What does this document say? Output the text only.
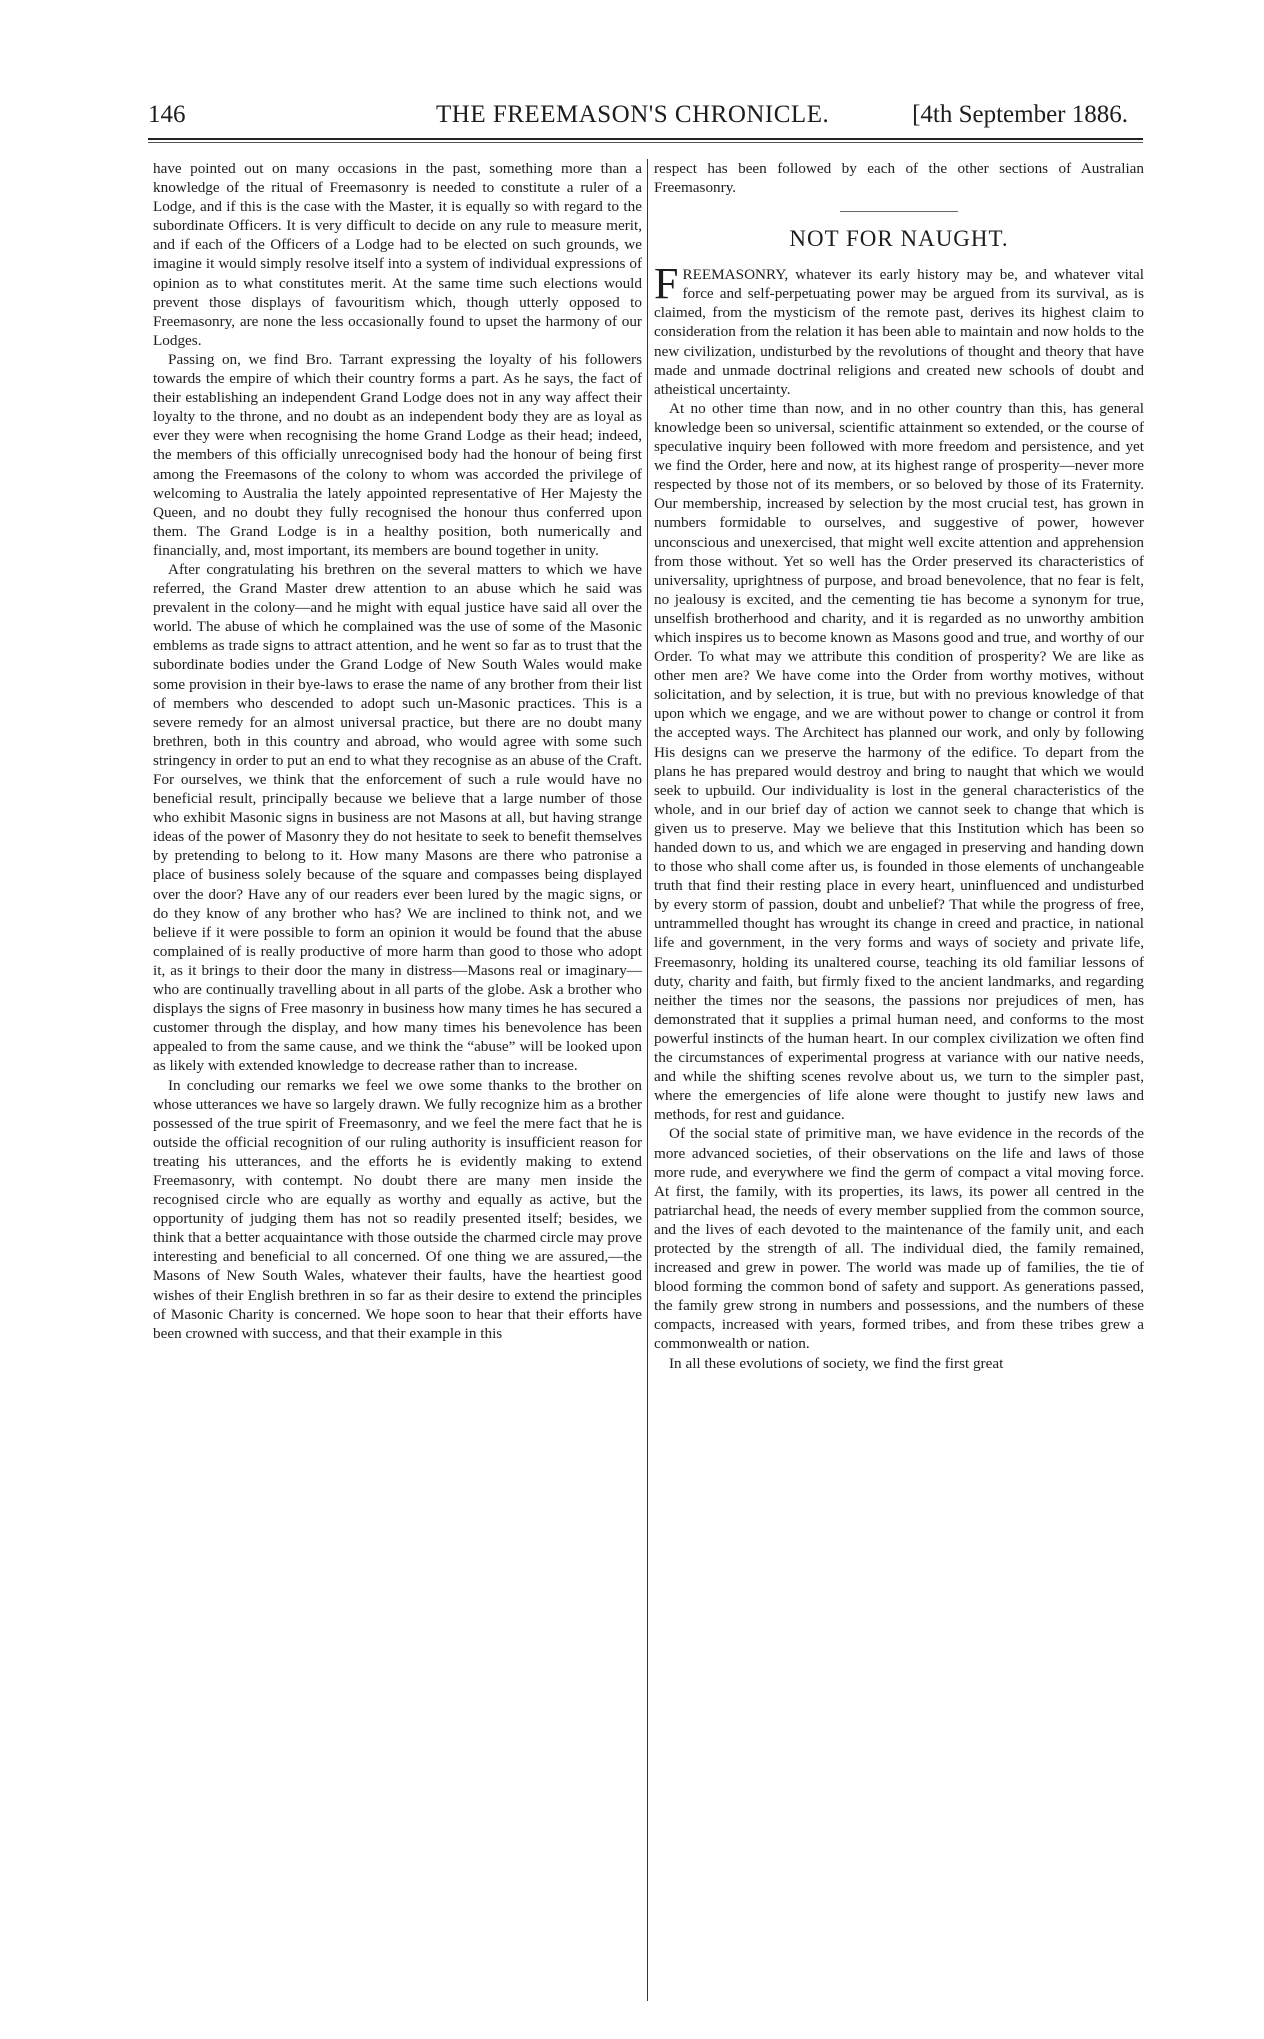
146	THE FREEMASON'S CHRONICLE.	[4th September 1886.

have pointed out on many occasions in the past, something more than a knowledge of the ritual of Freemasonry is needed to constitute a ruler of a Lodge, and if this is the case with the Master, it is equally so with regard to the subordinate Officers. It is very difficult to decide on any rule to measure merit, and if each of the Officers of a Lodge had to be elected on such grounds, we imagine it would simply resolve itself into a system of individual expressions of opinion as to what constitutes merit. At the same time such elections would prevent those displays of favouritism which, though utterly opposed to Freemasonry, are none the less occasionally found to upset the harmony of our Lodges.

Passing on, we find Bro. Tarrant expressing the loyalty of his followers towards the empire of which their country forms a part. As he says, the fact of their establishing an independent Grand Lodge does not in any way affect their loyalty to the throne, and no doubt as an independent body they are as loyal as ever they were when recognising the home Grand Lodge as their head; indeed, the members of this officially unrecognised body had the honour of being first among the Freemasons of the colony to whom was accorded the privilege of welcoming to Australia the lately appointed representative of Her Majesty the Queen, and no doubt they fully recognised the honour thus conferred upon them. The Grand Lodge is in a healthy position, both numerically and financially, and, most important, its members are bound together in unity.

After congratulating his brethren on the several matters to which we have referred, the Grand Master drew attention to an abuse which he said was prevalent in the colony—and he might with equal justice have said all over the world. The abuse of which he complained was the use of some of the Masonic emblems as trade signs to attract attention, and he went so far as to trust that the subordinate bodies under the Grand Lodge of New South Wales would make some provision in their bye-laws to erase the name of any brother from their list of members who descended to adopt such un-Masonic practices. This is a severe remedy for an almost universal practice, but there are no doubt many brethren, both in this country and abroad, who would agree with some such stringency in order to put an end to what they recognise as an abuse of the Craft. For ourselves, we think that the enforcement of such a rule would have no beneficial result, principally because we believe that a large number of those who exhibit Masonic signs in business are not Masons at all, but having strange ideas of the power of Masonry they do not hesitate to seek to benefit themselves by pretending to belong to it. How many Masons are there who patronise a place of business solely because of the square and compasses being displayed over the door? Have any of our readers ever been lured by the magic signs, or do they know of any brother who has? We are inclined to think not, and we believe if it were possible to form an opinion it would be found that the abuse complained of is really productive of more harm than good to those who adopt it, as it brings to their door the many in distress—Masons real or imaginary—who are continually travelling about in all parts of the globe. Ask a brother who displays the signs of Free masonry in business how many times he has secured a customer through the display, and how many times his benevolence has been appealed to from the same cause, and we think the “abuse” will be looked upon as likely with extended knowledge to decrease rather than to increase.

In concluding our remarks we feel we owe some thanks to the brother on whose utterances we have so largely drawn. We fully recognize him as a brother possessed of the true spirit of Freemasonry, and we feel the mere fact that he is outside the official recognition of our ruling authority is insufficient reason for treating his utterances, and the efforts he is evidently making to extend Freemasonry, with contempt. No doubt there are many men inside the recognised circle who are equally as worthy and equally as active, but the opportunity of judging them has not so readily presented itself; besides, we think that a better acquaintance with those outside the charmed circle may prove interesting and beneficial to all concerned. Of one thing we are assured,—the Masons of New South Wales, whatever their faults, have the heartiest good wishes of their English brethren in so far as their desire to extend the principles of Masonic Charity is concerned. We hope soon to hear that their efforts have been crowned with success, and that their example in this

respect has been followed by each of the other sections of Australian Freemasonry.

NOT FOR NAUGHT.

FREEMASONRY, whatever its early history may be, and whatever vital force and self-perpetuating power may be argued from its survival, as is claimed, from the mysticism of the remote past, derives its highest claim to consideration from the relation it has been able to maintain and now holds to the new civilization, undisturbed by the revolutions of thought and theory that have made and unmade doctrinal religions and created new schools of doubt and atheistical uncertainty.

At no other time than now, and in no other country than this, has general knowledge been so universal, scientific attainment so extended, or the course of speculative inquiry been followed with more freedom and persistence, and yet we find the Order, here and now, at its highest range of prosperity—never more respected by those not of its members, or so beloved by those of its Fraternity. Our membership, increased by selection by the most crucial test, has grown in numbers formidable to ourselves, and suggestive of power, however unconscious and unexercised, that might well excite attention and apprehension from those without. Yet so well has the Order preserved its characteristics of universality, uprightness of purpose, and broad benevolence, that no fear is felt, no jealousy is excited, and the cementing tie has become a synonym for true, unselfish brotherhood and charity, and it is regarded as no unworthy ambition which inspires us to become known as Masons good and true, and worthy of our Order. To what may we attribute this condition of prosperity? We are like as other men are? We have come into the Order from worthy motives, without solicitation, and by selection, it is true, but with no previous knowledge of that upon which we engage, and we are without power to change or control it from the accepted ways. The Architect has planned our work, and only by following His designs can we preserve the harmony of the edifice. To depart from the plans he has prepared would destroy and bring to naught that which we would seek to upbuild. Our individuality is lost in the general characteristics of the whole, and in our brief day of action we cannot seek to change that which is given us to preserve. May we believe that this Institution which has been so handed down to us, and which we are engaged in preserving and handing down to those who shall come after us, is founded in those elements of unchangeable truth that find their resting place in every heart, uninfluenced and undisturbed by every storm of passion, doubt and unbelief? That while the progress of free, untrammelled thought has wrought its change in creed and practice, in national life and government, in the very forms and ways of society and private life, Freemasonry, holding its unaltered course, teaching its old familiar lessons of duty, charity and faith, but firmly fixed to the ancient landmarks, and regarding neither the times nor the seasons, the passions nor prejudices of men, has demonstrated that it supplies a primal human need, and conforms to the most powerful instincts of the human heart. In our complex civilization we often find the circumstances of experimental progress at variance with our native needs, and while the shifting scenes revolve about us, we turn to the simpler past, where the emergencies of life alone were thought to justify new laws and methods, for rest and guidance.

Of the social state of primitive man, we have evidence in the records of the more advanced societies, of their observations on the life and laws of those more rude, and everywhere we find the germ of compact a vital moving force. At first, the family, with its properties, its laws, its power all centred in the patriarchal head, the needs of every member supplied from the common source, and the lives of each devoted to the maintenance of the family unit, and each protected by the strength of all. The individual died, the family remained, increased and grew in power. The world was made up of families, the tie of blood forming the common bond of safety and support. As generations passed, the family grew strong in numbers and possessions, and the numbers of these compacts, increased with years, formed tribes, and from these tribes grew a commonwealth or nation.

In all these evolutions of society, we find the first great
